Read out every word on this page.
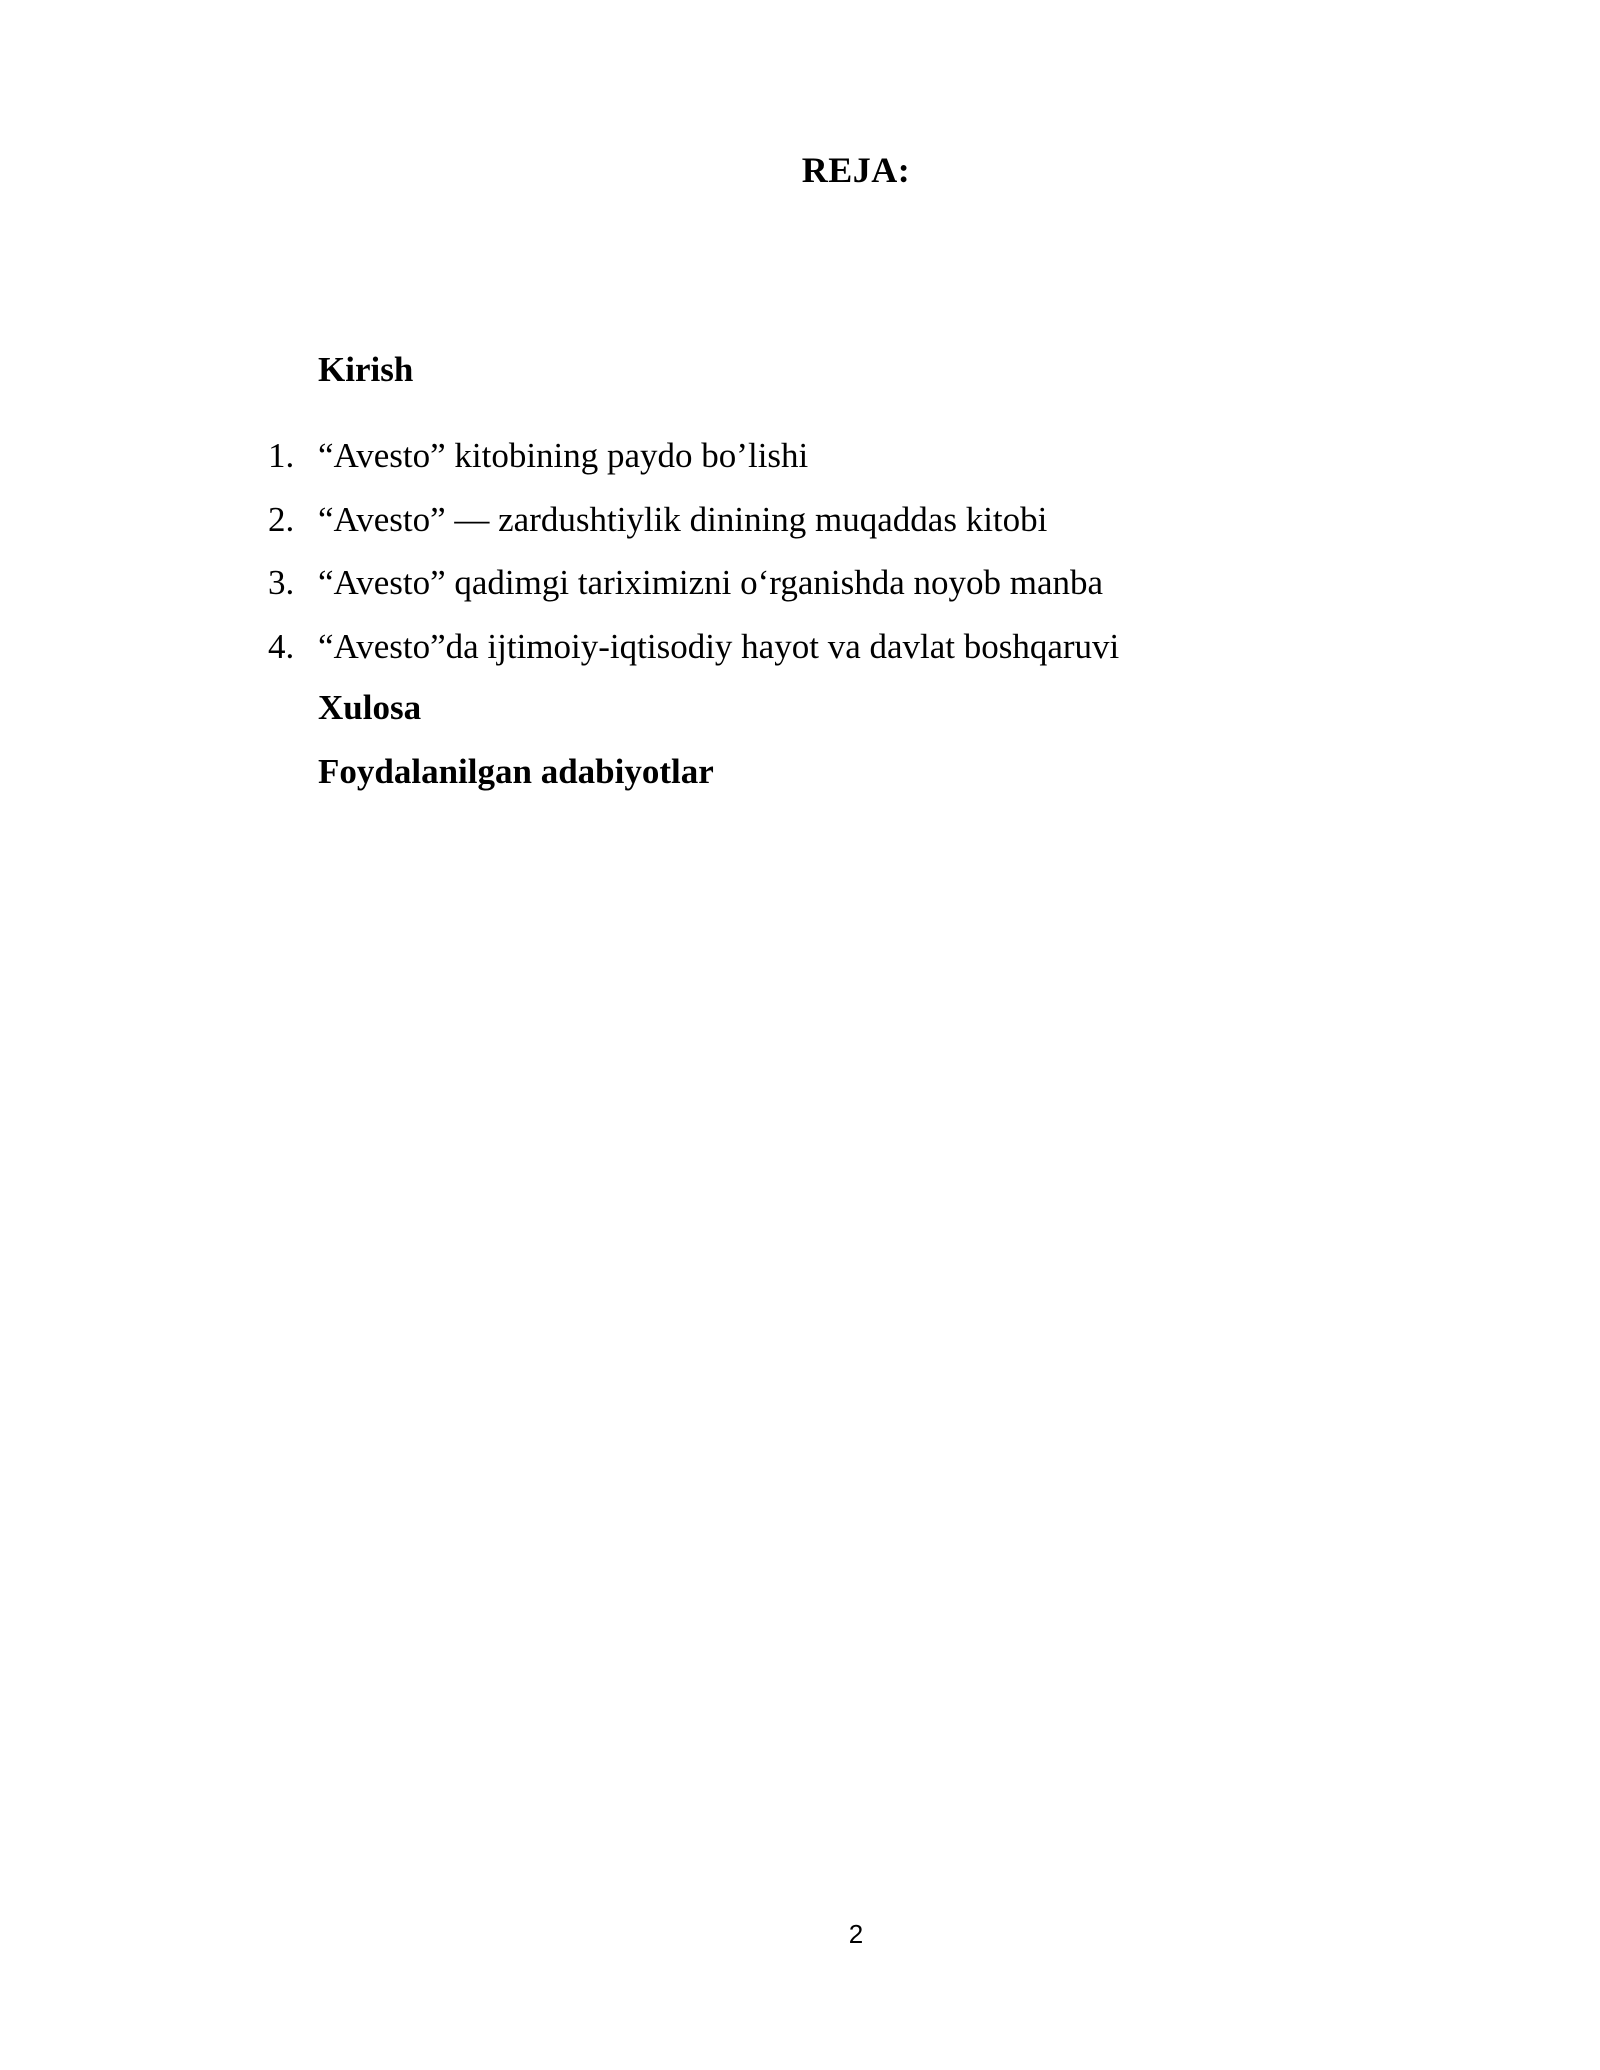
REJA:
Kirish
1. “Avesto” kitobining paydo bo’lishi
2. “Avesto” — zardushtiylik dinining muqaddas kitobi
3. “Avesto” qadimgi tariximizni o‘rganishda noyob manba
4. “Avesto”da ijtimoiy-iqtisodiy hayot va davlat boshqaruvi
Xulosa
Foydalanilgan adabiyotlar
2
